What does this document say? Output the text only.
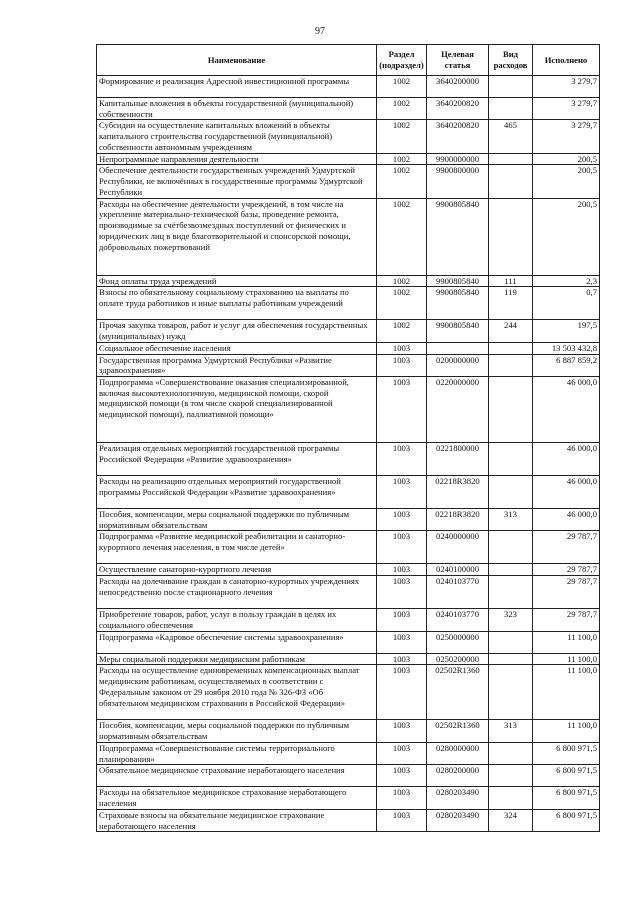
97
Наименование	Раздел (подраздел)	Целевая статья	Вид расходов	Исполнено
Формирование и реализация Адресной инвестиционной программы	1002	3640200000		3 279,7
Капитальные вложения в объекты государственной (муниципальной) собственности	1002	3640200820		3 279,7
Субсидии на осуществление капитальных вложений в объекты капитального строительства государственной (муниципальной) собственности автономным учреждениям	1002	3640200820	465	3 279,7
Непрограммные направления деятельности	1002	9900000000		200,5
Обеспечение деятельности государственных учреждений Удмуртской Республики, не включённых в государственные программы Удмуртской Республики	1002	9900800000		200,5
Расходы на обеспечение деятельности учреждений, в том числе на укрепление материально-технической базы, проведение ремонта, производимые за счётбезвозмездных поступлений от физических и юридических лиц в виде благотворительной и спонсорской помощи, добровольных пожертвований	1002	9900805840		200,5
Фонд оплаты труда учреждений	1002	9900805840	111	2,3
Взносы по обязательному социальному страхованию на выплаты по оплате труда работников и иные выплаты работникам учреждений	1002	9900805840	119	0,7
Прочая закупка товаров, работ и услуг для обеспечения государственных (муниципальных) нужд	1002	9900805840	244	197,5
Социальное обеспечение населения	1003			13 503 432,8
Государственная программа Удмуртской Республики «Развитие здравоохранения»	1003	0200000000		6 887 859,2
Подпрограмма «Совершенствование оказания специализированной, включая высокотехнологичную, медицинской помощи, скорой медицинской помощи (в том числе скорой специализированной медицинской помощи), паллиативной помощи»	1003	0220000000		46 000,0
Реализация отдельных мероприятий государственной программы Российской Федерации «Развитие здравоохранения»	1003	0221800000		46 000,0
Расходы на реализацию отдельных мероприятий государственной программы Российской Федерации «Развитие здравоохранения»	1003	02218R3820		46 000,0
Пособия, компенсации, меры социальной поддержки по публичным нормативным обязательствам	1003	02218R3820	313	46 000,0
Подпрограмма «Развитие медицинской реабилитации и санаторно-курортного лечения населения, в том числе детей»	1003	0240000000		29 787,7
Осуществление санаторно-курортного лечения	1003	0240100000		29 787,7
Расходы на долечивание граждан в санаторно-курортных учреждениях непосредственно после стационарного лечения	1003	0240103770		29 787,7
Приобретение товаров, работ, услуг в пользу граждан в целях их социального обеспечения	1003	0240103770	323	29 787,7
Подпрограмма «Кадровое обеспечение системы здравоохранения»	1003	0250000000		11 100,0
Меры социальной поддержки медицинским работникам	1003	0250200000		11 100,0
Расходы на осуществление единовременных компенсационных выплат медицинским работникам, осуществляемых в соответствии с Федеральным законом от 29 ноября 2010 года № 326-ФЗ «Об обязательном медицинском страховании в Российской Федерации»	1003	02502R1360		11 100,0
Пособия, компенсации, меры социальной поддержки по публичным нормативным обязательствам	1003	02502R1360	313	11 100,0
Подпрограмма «Совершенствование системы территориального планирования»	1003	0280000000		6 800 971,5
Обязательное медицинское страхование неработающего населения	1003	0280200000		6 800 971,5
Расходы на обязательное медицинское страхование неработающего населения	1003	0280203490		6 800 971,5
Страховые взносы на обязательное медицинское страхование неработающего населения	1003	0280203490	324	6 800 971,5
